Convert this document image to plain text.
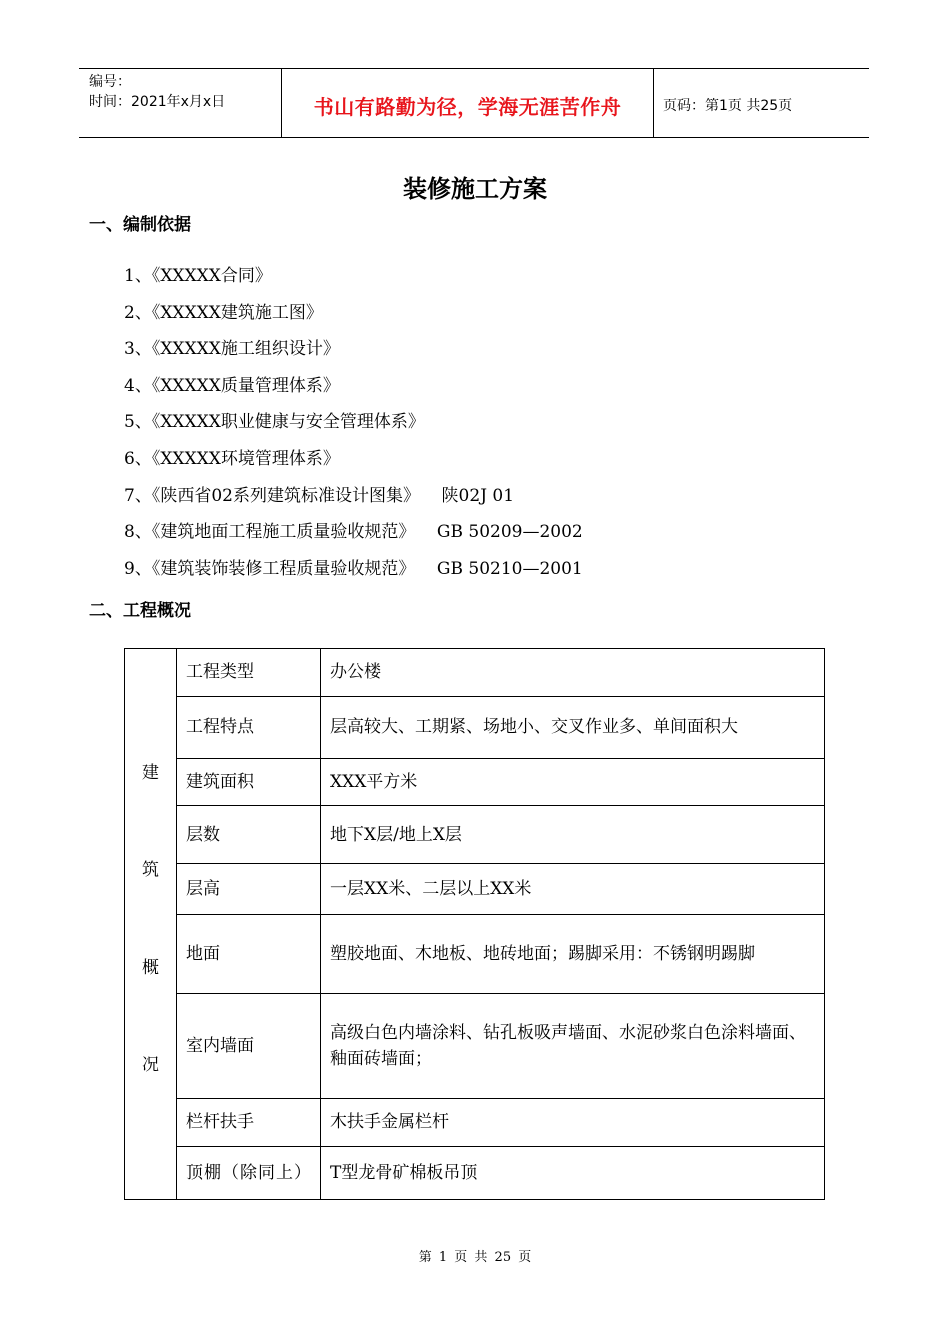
编号：
时间：2021年x月x日	书山有路勤为径，学海无涯苦作舟	页码：第1页 共25页
装修施工方案
一、编制依据
1、《XXXXX合同》
2、《XXXXX建筑施工图》
3、《XXXXX施工组织设计》
4、《XXXXX质量管理体系》
5、《XXXXX职业健康与安全管理体系》
6、《XXXXX环境管理体系》
7、《陕西省02系列建筑标准设计图集》    陕02J 01
8、《建筑地面工程施工质量验收规范》    GB 50209—2002
9、《建筑装饰装修工程质量验收规范》    GB 50210—2001
二、工程概况
建
筑
概
况	工程类型	办公楼
	工程特点	层高较大、工期紧、场地小、交叉作业多、单间面积大
	建筑面积	XXX平方米
	层数	地下X层/地上X层
	层高	一层XX米、二层以上XX米
	地面	塑胶地面、木地板、地砖地面；踢脚采用：不锈钢明踢脚
	室内墙面	高级白色内墙涂料、钻孔板吸声墙面、水泥砂浆白色涂料墙面、釉面砖墙面；
	栏杆扶手	木扶手金属栏杆
	顶棚（除同上）	T型龙骨矿棉板吊顶
第 1 页 共 25 页
